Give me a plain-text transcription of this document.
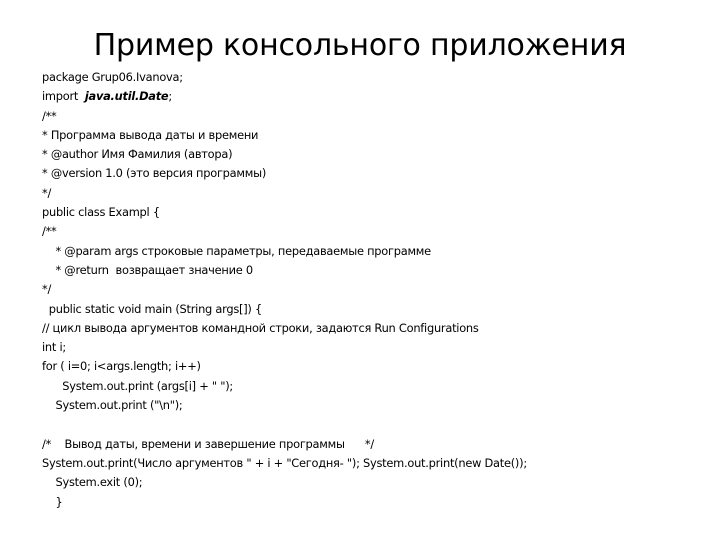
Пример консольного приложения
package Grup06.Ivanova;
import  java.util.Date;
/**
* Программа вывода даты и времени
* @author Имя Фамилия (автора)
* @version 1.0 (это версия программы)
*/
public class Exampl {
/**
* @param args строковые параметры, передаваемые программе
* @return  возвращает значение 0
*/
public static void main (String args[]) {
// цикл вывода аргументов командной строки, задаются Run Configurations
int i;
for ( i=0; i<args.length; i++)
System.out.print (args[i] + " ");
System.out.print ("\n");
/*    Вывод даты, времени и завершение программы      */
System.out.print(Число аргументов " + i + "Сегодня- "); System.out.print(new Date());
System.exit (0);
}
